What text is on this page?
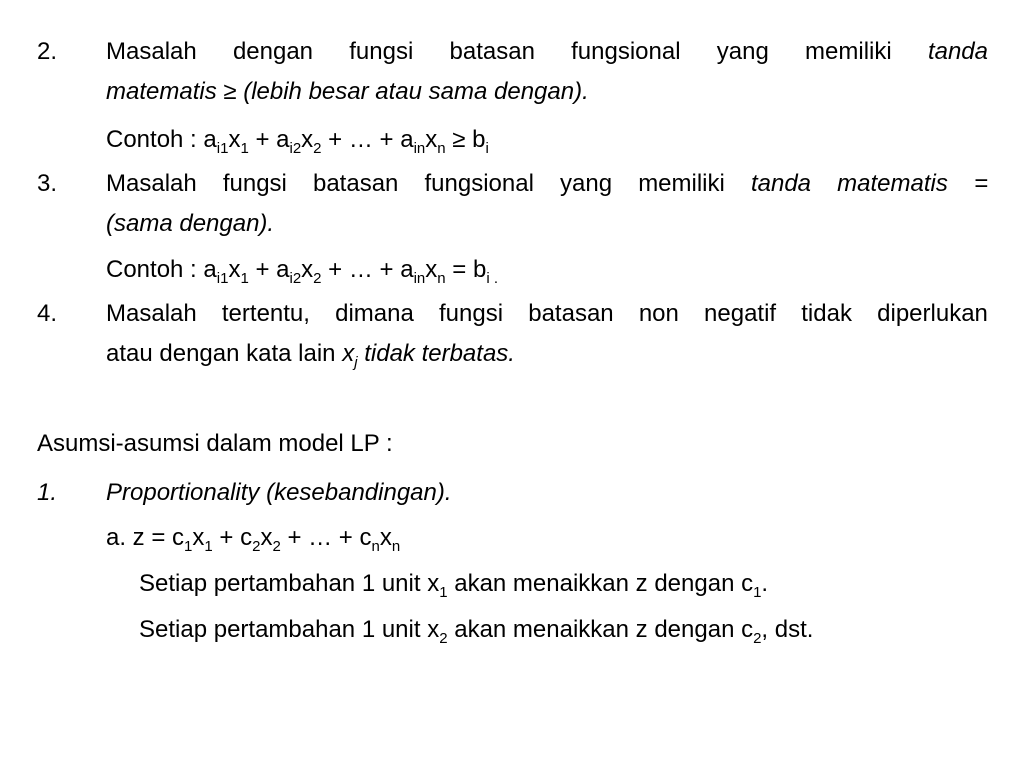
2. Masalah dengan fungsi batasan fungsional yang memiliki tanda
matematis ≥ (lebih besar atau sama dengan).
Contoh : $a_{i1}x_1 + a_{i2}x_2$ + … + $a_{in}x_n \ge b_i$
3. Masalah fungsi batasan fungsional yang memiliki tanda matematis =
(sama dengan).
Contoh : $a_{i1}x_1 + a_{i2}x_2$ + … + $a_{in}x_n = b_{i .}$
4. Masalah tertentu, dimana fungsi batasan non negatif tidak diperlukan
atau dengan kata lain $x_j$ tidak terbatas.
Asumsi-asumsi dalam model LP :
1. Proportionality (kesebandingan).
a. $z = c_1x_1 + c_2x_2$ + … + $c_nx_n$
Setiap pertambahan 1 unit $x_1$ akan menaikkan z dengan $c_1$.
Setiap pertambahan 1 unit $x_2$ akan menaikkan z dengan $c_2$, dst.
